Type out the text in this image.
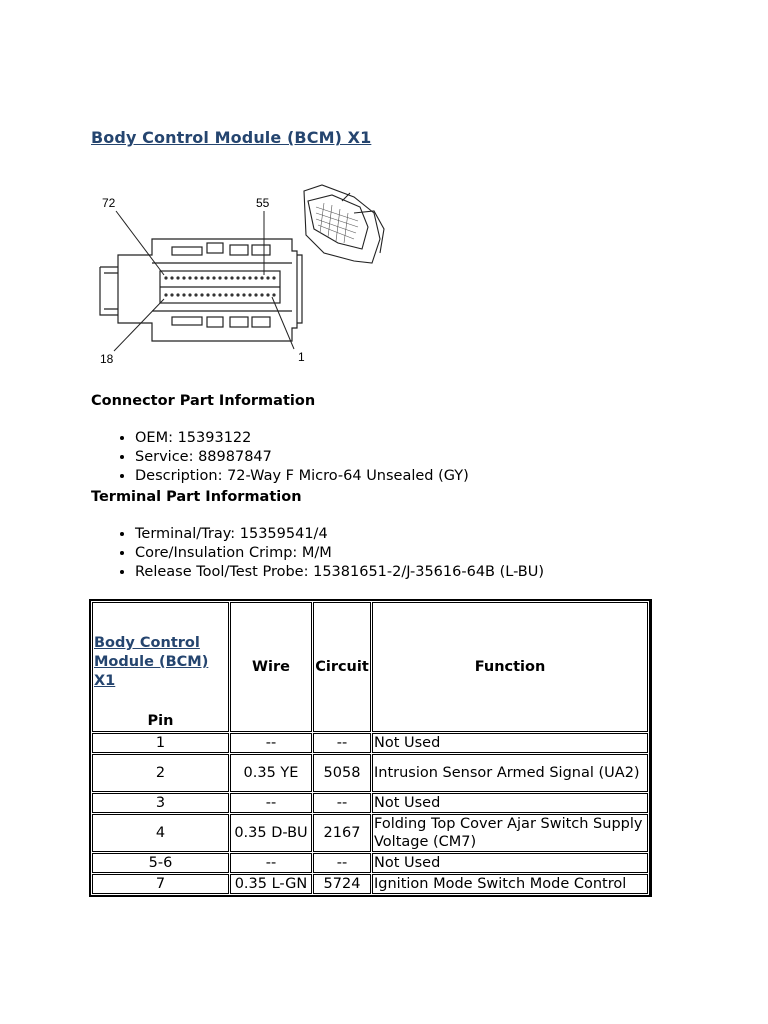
Body Control Module (BCM) X1
72	55
18	1
Connector Part Information
• OEM: 15393122
• Service: 88987847
• Description: 72-Way F Micro-64 Unsealed (GY)
Terminal Part Information
• Terminal/Tray: 15359541/4
• Core/Insulation Crimp: M/M
• Release Tool/Test Probe: 15381651-2/J-35616-64B (L-BU)
Body Control Module (BCM) X1
Pin	Wire	Circuit	Function
1	--	--	Not Used
2	0.35 YE	5058	Intrusion Sensor Armed Signal (UA2)
3	--	--	Not Used
4	0.35 D-BU	2167	Folding Top Cover Ajar Switch Supply Voltage (CM7)
5-6	--	--	Not Used
7	0.35 L-GN	5724	Ignition Mode Switch Mode Control
